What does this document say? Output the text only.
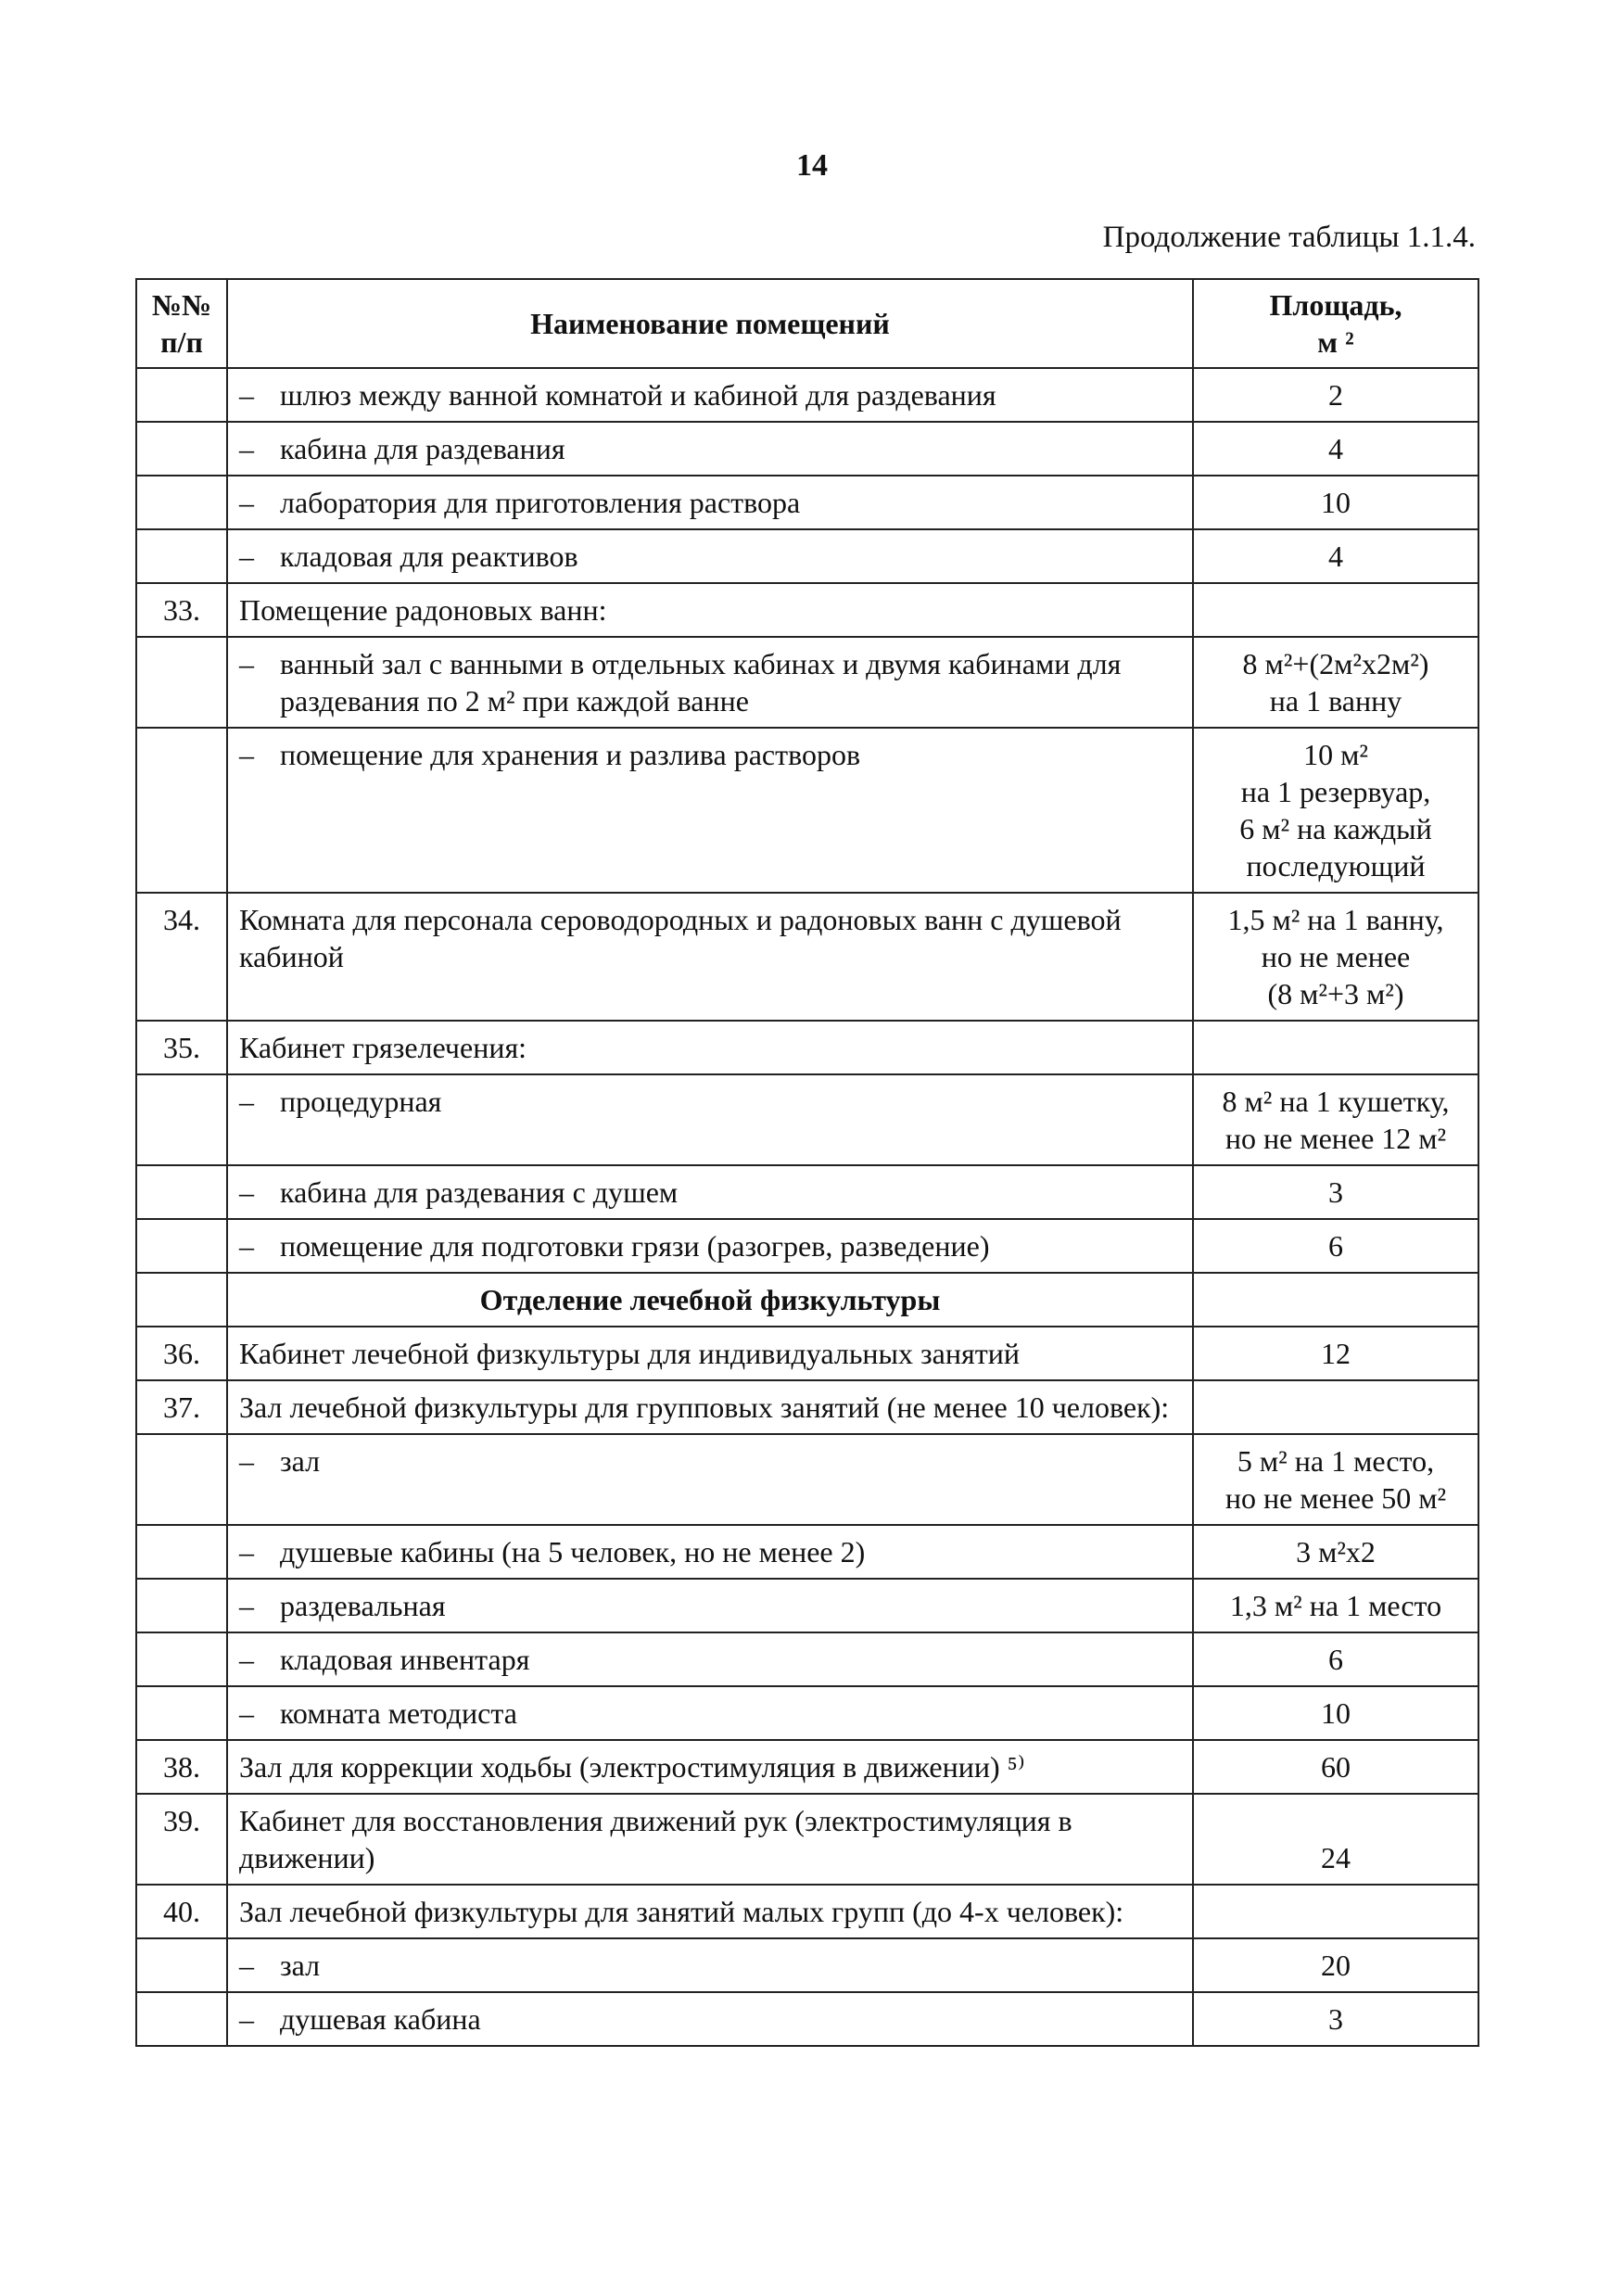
14
Продолжение таблицы 1.1.4.
№№
п/п	Наименование помещений	Площадь,
м ²

	– шлюз между ванной комнатой и кабиной для раздевания	2

	– кабина для раздевания	4

	– лаборатория для приготовления раствора	10

	– кладовая для реактивов	4

33.	Помещение радоновых ванн:	

	– ванный зал с ванными в отдельных кабинах и двумя кабинами для раздевания по 2 м² при каждой ванне	8 м²+(2м²х2м²)
на 1 ванну

	– помещение для хранения и разлива растворов	10 м²
на 1 резервуар,
6 м² на каждый
последующий

34.	Комната для персонала сероводородных и радоновых ванн с душевой кабиной	1,5 м² на 1 ванну,
но не менее
(8 м²+3 м²)

35.	Кабинет грязелечения:	

	– процедурная	8 м² на 1 кушетку,
но не менее 12 м²

	– кабина для раздевания с душем	3

	– помещение для подготовки грязи (разогрев, разведение)	6

	Отделение лечебной физкультуры	

36.	Кабинет лечебной физкультуры для индивидуальных занятий	12

37.	Зал лечебной физкультуры для групповых занятий (не менее 10 человек):	

	– зал	5 м² на 1 место,
но не менее 50 м²

	– душевые кабины (на 5 человек, но не менее 2)	3 м²х2

	– раздевальная	1,3 м² на 1 место

	– кладовая инвентаря	6

	– комната методиста	10

38.	Зал для коррекции ходьбы (электростимуляция в движении) ⁵⁾	60

39.	Кабинет для восстановления движений рук (электростимуляция в движении)	24

40.	Зал лечебной физкультуры для занятий малых групп (до 4-х человек):	

	– зал	20

	– душевая кабина	3
